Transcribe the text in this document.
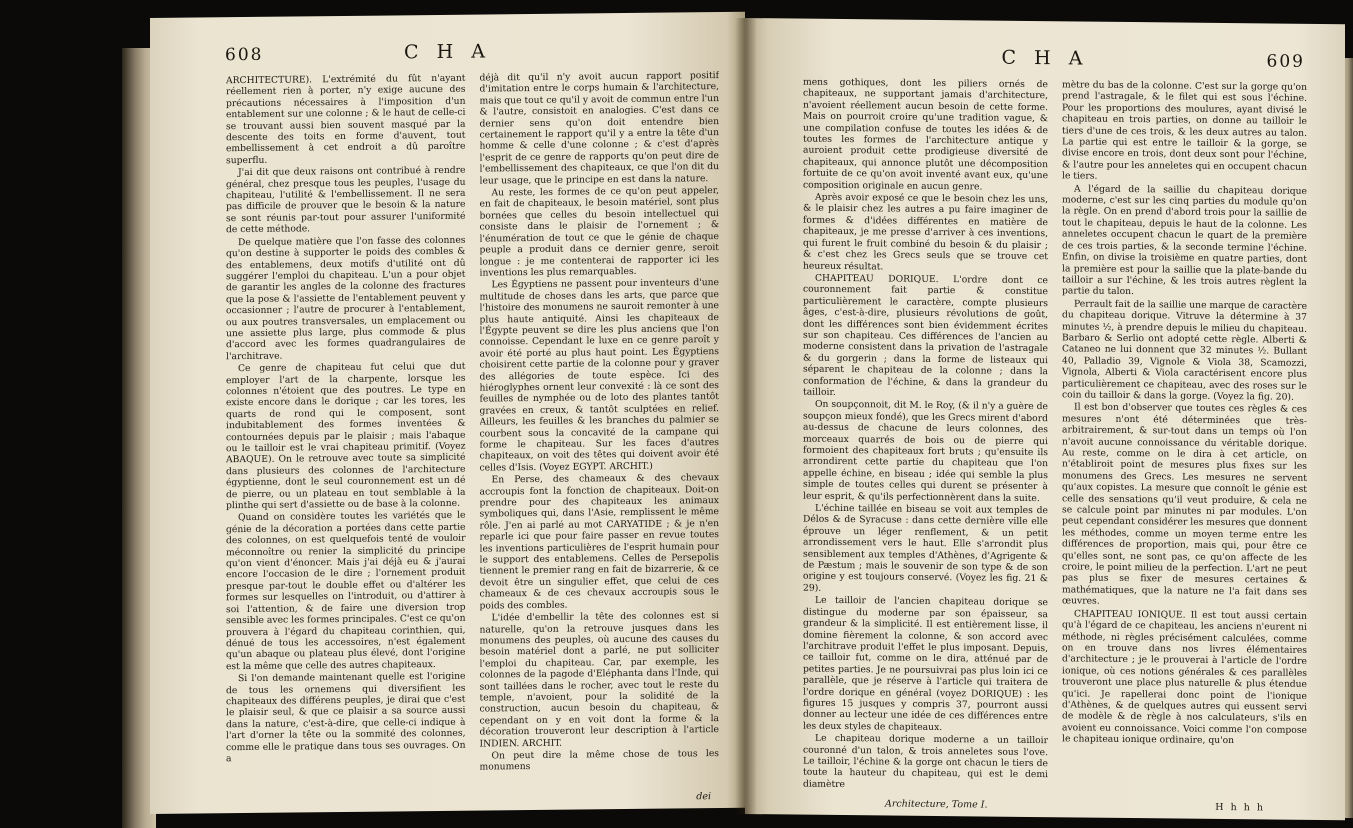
608	C H A

ARCHITECTURE). L'extrémité du fût n'ayant réellement rien à porter, n'y exige aucune des précautions nécessaires à l'imposition d'un entablement sur une colonne ; & le haut de celle-ci se trouvant aussi bien souvent masqué par la descente des toits en forme d'auvent, tout embellissement à cet endroit a dû paroître superflu.

J'ai dit que deux raisons ont contribué à rendre général, chez presque tous les peuples, l'usage du chapiteau, l'utilité & l'embellissement. Il ne sera pas difficile de prouver que le besoin & la nature se sont réunis par-tout pour assurer l'uniformité de cette méthode.

De quelque matière que l'on fasse des colonnes qu'on destine à supporter le poids des combles & des entablemens, deux motifs d'utilité ont dû suggérer l'emploi du chapiteau. L'un a pour objet de garantir les angles de la colonne des fractures que la pose & l'assiette de l'entablement peuvent y occasionner ; l'autre de procurer à l'entablement, ou aux poutres transversales, un emplacement ou une assiette plus large, plus commode & plus d'accord avec les formes quadrangulaires de l'architrave.

Ce genre de chapiteau fut celui que dut employer l'art de la charpente, lorsque les colonnes n'étoient que des poutres. Le type en existe encore dans le dorique ; car les tores, les quarts de rond qui le composent, sont indubitablement des formes inventées & contournées depuis par le plaisir ; mais l'abaque ou le tailloir est le vrai chapiteau primitif. (Voyez ABAQUE). On le retrouve avec toute sa simplicité dans plusieurs des colonnes de l'architecture égyptienne, dont le seul couronnement est un dé de pierre, ou un plateau en tout semblable à la plinthe qui sert d'assiette ou de base à la colonne.

Quand on considère toutes les variétés que le génie de la décoration a portées dans cette partie des colonnes, on est quelquefois tenté de vouloir méconnoître ou renier la simplicité du principe qu'on vient d'énoncer. Mais j'ai déjà eu & j'aurai encore l'occasion de le dire ; l'ornement produit presque par-tout le double effet ou d'altérer les formes sur lesquelles on l'introduit, ou d'attirer à soi l'attention, & de faire une diversion trop sensible avec les formes principales. C'est ce qu'on prouvera à l'égard du chapiteau corinthien, qui, dénué de tous les accessoires, n'est également qu'un abaque ou plateau plus élevé, dont l'origine est la même que celle des autres chapiteaux.

Si l'on demande maintenant quelle est l'origine de tous les ornemens qui diversifient les chapiteaux des différens peuples, je dirai que c'est le plaisir seul, & que ce plaisir a sa source aussi dans la nature, c'est-à-dire, que celle-ci indique à l'art d'orner la tête ou la sommité des colonnes, comme elle le pratique dans tous ses ouvrages. On a

déjà dit qu'il n'y avoit aucun rapport positif d'imitation entre le corps humain & l'architecture, mais que tout ce qu'il y avoit de commun entre l'un & l'autre, consistoit en analogies. C'est dans ce dernier sens qu'on doit entendre bien certainement le rapport qu'il y a entre la tête d'un homme & celle d'une colonne ; & c'est d'après l'esprit de ce genre de rapports qu'on peut dire de l'embellissement des chapiteaux, ce que l'on dit du leur usage, que le principe en est dans la nature.

Au reste, les formes de ce qu'on peut appeler, en fait de chapiteaux, le besoin matériel, sont plus bornées que celles du besoin intellectuel qui consiste dans le plaisir de l'ornement ; & l'énumération de tout ce que le génie de chaque peuple a produit dans ce dernier genre, seroit longue : je me contenterai de rapporter ici les inventions les plus remarquables.

Les Égyptiens ne passent pour inventeurs d'une multitude de choses dans les arts, que parce que l'histoire des monumens ne sauroit remonter à une plus haute antiquité. Ainsi les chapiteaux de l'Égypte peuvent se dire les plus anciens que l'on connoisse. Cependant le luxe en ce genre paroît y avoir été porté au plus haut point. Les Égyptiens choisirent cette partie de la colonne pour y graver des allégories de toute espèce. Ici des hiéroglyphes ornent leur convexité : là ce sont des feuilles de nymphée ou de loto des plantes tantôt gravées en creux, & tantôt sculptées en relief. Ailleurs, les feuilles & les branches du palmier se courbent sous la concavité de la campane qui forme le chapiteau. Sur les faces d'autres chapiteaux, on voit des têtes qui doivent avoir été celles d'Isis. (Voyez EGYPT. ARCHIT.)

En Perse, des chameaux & des chevaux accroupis font la fonction de chapiteaux. Doit-on prendre pour des chapiteaux les animaux symboliques qui, dans l'Asie, remplissent le même rôle. J'en ai parlé au mot CARYATIDE ; & je n'en reparle ici que pour faire passer en revue toutes les inventions particulières de l'esprit humain pour le support des entablemens. Celles de Persepolis tiennent le premier rang en fait de bizarrerie, & ce devoit être un singulier effet, que celui de ces chameaux & de ces chevaux accroupis sous le poids des combles.

L'idée d'embellir la tête des colonnes est si naturelle, qu'on la retrouve jusques dans les monumens des peuples, où aucune des causes du besoin matériel dont a parlé, ne put solliciter l'emploi du chapiteau. Car, par exemple, les colonnes de la pagode d'Eléphanta dans l'Inde, qui sont taillées dans le rocher, avec tout le reste du temple, n'avoient, pour la solidité de la construction, aucun besoin du chapiteau, & cependant on y en voit dont la forme & la décoration trouveront leur description à l'article INDIEN. ARCHIT.

On peut dire la même chose de tous les monumens

dei
C H A	609

mens gothiques, dont les piliers ornés de chapiteaux, ne supportant jamais d'architecture, n'avoient réellement aucun besoin de cette forme. Mais on pourroit croire qu'une tradition vague, & une compilation confuse de toutes les idées & de toutes les formes de l'architecture antique y auroient produit cette prodigieuse diversité de chapiteaux, qui annonce plutôt une décomposition fortuite de ce qu'on avoit inventé avant eux, qu'une composition originale en aucun genre.

Après avoir exposé ce que le besoin chez les uns, & le plaisir chez les autres a pu faire imaginer de formes & d'idées différentes en matière de chapiteaux, je me presse d'arriver à ces inventions, qui furent le fruit combiné du besoin & du plaisir ; & c'est chez les Grecs seuls que se trouve cet heureux résultat.

CHAPITEAU DORIQUE. L'ordre dont ce couronnement fait partie & constitue particulièrement le caractère, compte plusieurs âges, c'est-à-dire, plusieurs révolutions de goût, dont les différences sont bien évidemment écrites sur son chapiteau. Ces différences de l'ancien au moderne consistent dans la privation de l'astragale & du gorgerin ; dans la forme de listeaux qui séparent le chapiteau de la colonne ; dans la conformation de l'échine, & dans la grandeur du tailloir.

On soupçonnoit, dit M. le Roy, (& il n'y a guère de soupçon mieux fondé), que les Grecs mirent d'abord au-dessus de chacune de leurs colonnes, des morceaux quarrés de bois ou de pierre qui formoient des chapiteaux fort bruts ; qu'ensuite ils arrondirent cette partie du chapiteau que l'on appelle échine, en biseau ; idée qui semble la plus simple de toutes celles qui durent se présenter à leur esprit, & qu'ils perfectionnèrent dans la suite.

L'échine taillée en biseau se voit aux temples de Délos & de Syracuse : dans cette dernière ville elle éprouve un léger renflement, & un petit arrondissement vers le haut. Elle s'arrondit plus sensiblement aux temples d'Athènes, d'Agrigente & de Pæstum ; mais le souvenir de son type & de son origine y est toujours conservé. (Voyez les fig. 21 & 29).

Le tailloir de l'ancien chapiteau dorique se distingue du moderne par son épaisseur, sa grandeur & la simplicité. Il est entièrement lisse, il domine fièrement la colonne, & son accord avec l'architrave produit l'effet le plus imposant. Depuis, ce tailloir fut, comme on le dira, atténué par de petites parties. Je ne poursuivrai pas plus loin ici ce parallèle, que je réserve à l'article qui traitera de l'ordre dorique en général (voyez DORIQUE) : les figures 15 jusques y compris 37, pourront aussi donner au lecteur une idée de ces différences entre les deux styles de chapiteaux.

Le chapiteau dorique moderne a un tailloir couronné d'un talon, & trois anneletes sous l'ove. Le tailloir, l'échine & la gorge ont chacun le tiers de toute la hauteur du chapiteau, qui est le demi diamètre

mètre du bas de la colonne. C'est sur la gorge qu'on prend l'astragale, & le filet qui est sous l'échine. Pour les proportions des moulures, ayant divisé le chapiteau en trois parties, on donne au tailloir le tiers d'une de ces trois, & les deux autres au talon. La partie qui est entre le tailloir & la gorge, se divise encore en trois, dont deux sont pour l'échine, & l'autre pour les anneletes qui en occupent chacun le tiers.

A l'égard de la saillie du chapiteau dorique moderne, c'est sur les cinq parties du module qu'on la règle. On en prend d'abord trois pour la saillie de tout le chapiteau, depuis le haut de la colonne. Les anneletes occupent chacun le quart de la première de ces trois parties, & la seconde termine l'échine. Enfin, on divise la troisième en quatre parties, dont la première est pour la saillie que la plate-bande du tailloir a sur l'échine, & les trois autres règlent la partie du talon.

Perrault fait de la saillie une marque de caractère du chapiteau dorique. Vitruve la détermine à 37 minutes ½, à prendre depuis le milieu du chapiteau. Barbaro & Serlio ont adopté cette règle. Alberti & Cataneo ne lui donnent que 32 minutes ½. Bullant 40, Palladio 39, Vignole & Viola 38, Scamozzi, Vignola, Alberti & Viola caractérisent encore plus particulièrement ce chapiteau, avec des roses sur le coin du tailloir & dans la gorge. (Voyez la fig. 20).

Il est bon d'observer que toutes ces règles & ces mesures n'ont été déterminées que très-arbitrairement, & sur-tout dans un temps où l'on n'avoit aucune connoissance du véritable dorique. Au reste, comme on le dira à cet article, on n'établiroit point de mesures plus fixes sur les monumens des Grecs. Les mesures ne servent qu'aux copistes. La mesure que connoît le génie est celle des sensations qu'il veut produire, & cela ne se calcule point par minutes ni par modules. L'on peut cependant considérer les mesures que donnent les méthodes, comme un moyen terme entre les différences de proportion, mais qui, pour être ce qu'elles sont, ne sont pas, ce qu'on affecte de les croire, le point milieu de la perfection. L'art ne peut pas plus se fixer de mesures certaines & mathématiques, que la nature ne l'a fait dans ses œuvres.

CHAPITEAU IONIQUE. Il est tout aussi certain qu'à l'égard de ce chapiteau, les anciens n'eurent ni méthode, ni règles précisément calculées, comme on en trouve dans nos livres élémentaires d'architecture ; je le prouverai à l'article de l'ordre ionique, où ces notions générales & ces parallèles trouveront une place plus naturelle & plus étendue qu'ici. Je rapellerai donc point de l'ionique d'Athènes, & de quelques autres qui eussent servi de modèle & de règle à nos calculateurs, s'ils en avoient eu connoissance. Voici comme l'on compose le chapiteau ionique ordinaire, qu'on

Architecture, Tome I.	H h h h
